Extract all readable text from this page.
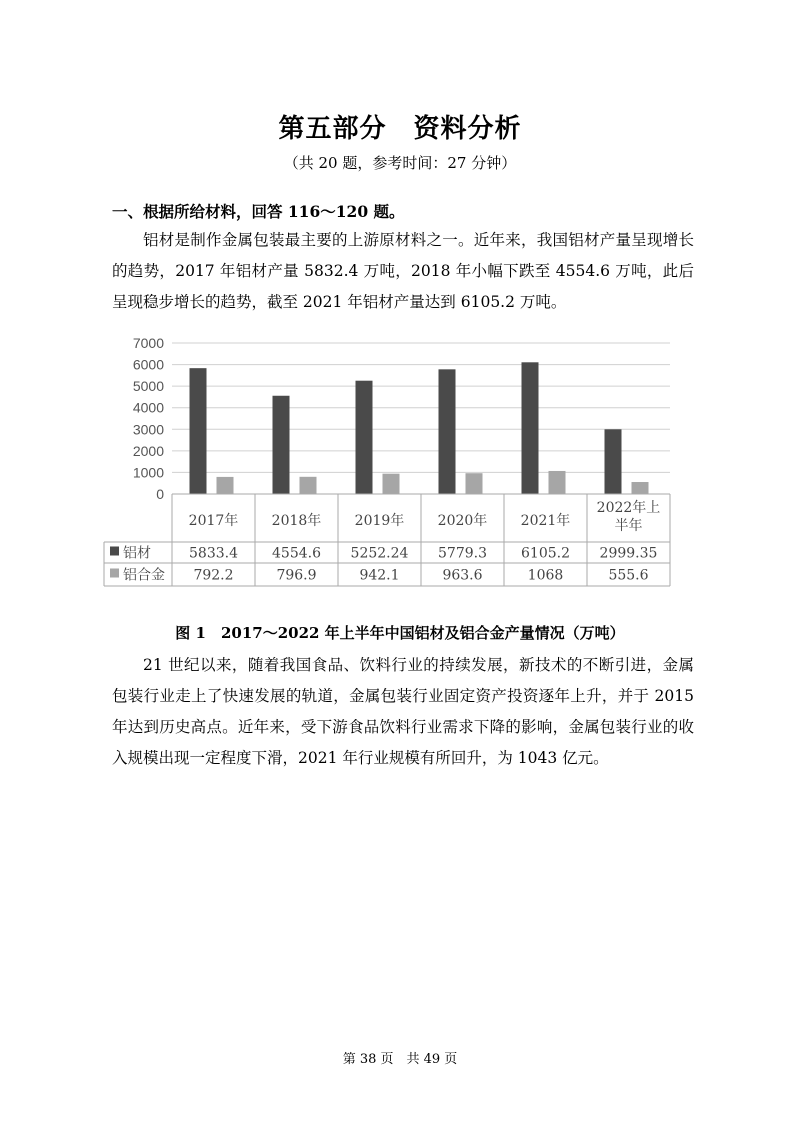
第五部分　资料分析
（共 20 题，参考时间：27 分钟）
一、根据所给材料，回答 116～120 题。
铝材是制作金属包装最主要的上游原材料之一。近年来，我国铝材产量呈现增长的趋势，2017 年铝材产量 5832.4 万吨，2018 年小幅下跌至 4554.6 万吨，此后呈现稳步增长的趋势，截至 2021 年铝材产量达到 6105.2 万吨。
0
1000
2000
3000
4000
5000
6000
7000
2017年 2018年 2019年 2020年 2021年
2022年上
半年
铝材	5833.4 4554.6 5252.24 5779.3 6105.2 2999.35
铝合金 792.2	796.9	942.1	963.6	1068	555.6
图 1　2017～2022 年上半年中国铝材及铝合金产量情况（万吨）
21 世纪以来，随着我国食品、饮料行业的持续发展，新技术的不断引进，金属包装行业走上了快速发展的轨道，金属包装行业固定资产投资逐年上升，并于 2015 年达到历史高点。近年来，受下游食品饮料行业需求下降的影响，金属包装行业的收入规模出现一定程度下滑，2021 年行业规模有所回升，为 1043 亿元。
第 38 页　共 49 页
